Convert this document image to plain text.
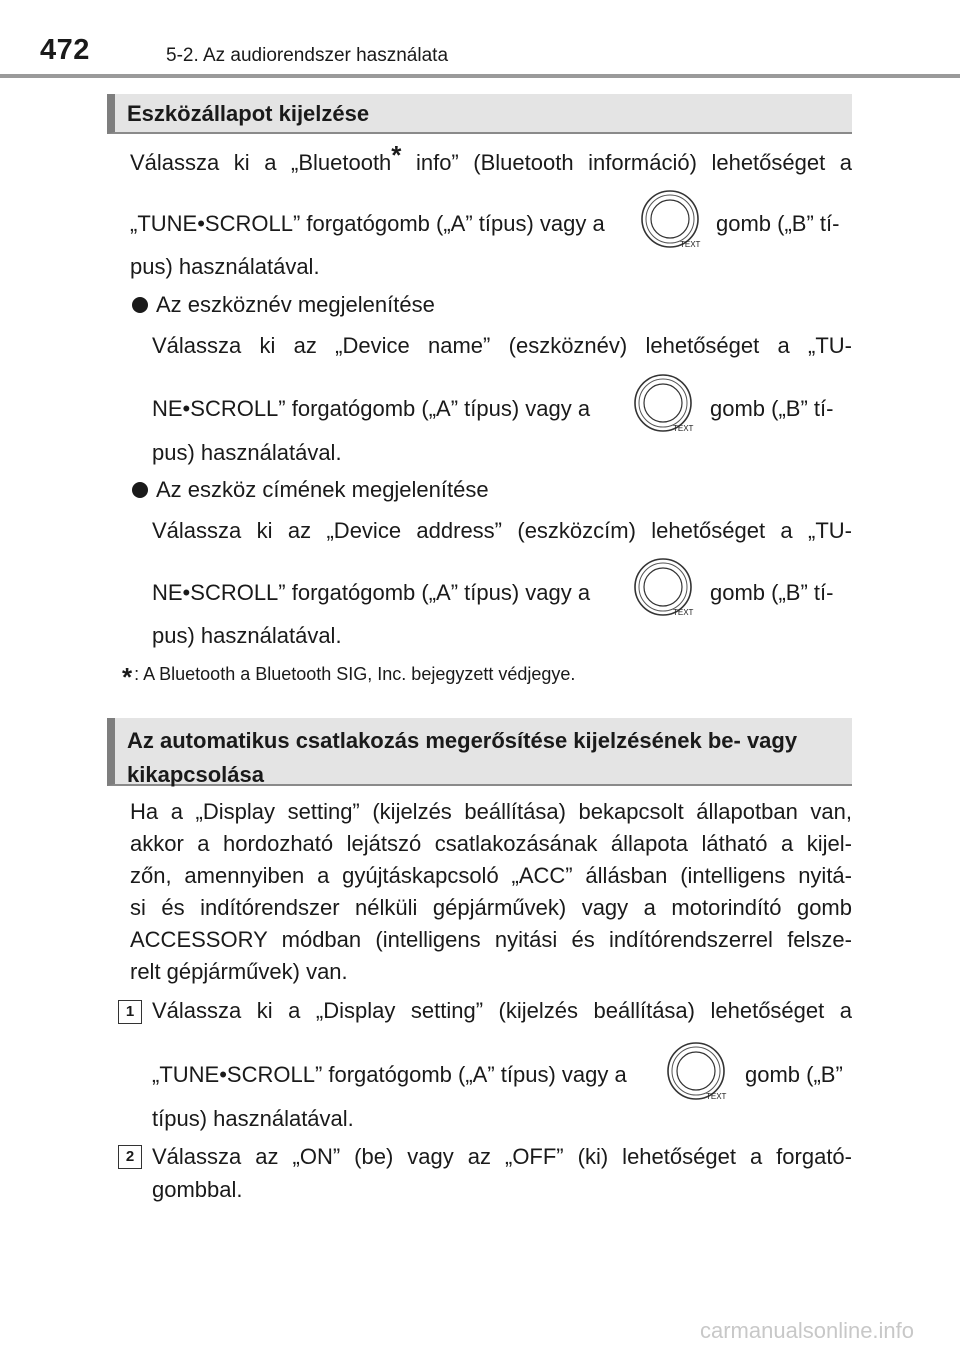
472	5-2. Az audiorendszer használata
Eszközállapot kijelzése
Válassza ki a „Bluetooth* info” (Bluetooth információ) lehetőséget a
„TUNE•SCROLL” forgatógomb („A” típus) vagy a
TEXT
gomb („B” tí-
pus) használatával.
Az eszköznév megjelenítése
Válassza ki az „Device name” (eszköznév) lehetőséget a „TU-
NE•SCROLL” forgatógomb („A” típus) vagy a
TEXT
gomb („B” tí-
pus) használatával.
Az eszköz címének megjelenítése
Válassza ki az „Device address” (eszközcím) lehetőséget a „TU-
NE•SCROLL” forgatógomb („A” típus) vagy a
TEXT
gomb („B” tí-
pus) használatával.
* : A Bluetooth a Bluetooth SIG, Inc. bejegyzett védjegye.
Az automatikus csatlakozás megerősítése kijelzésének be- vagy
kikapcsolása
Ha a „Display setting” (kijelzés beállítása) bekapcsolt állapotban van,
akkor a hordozható lejátszó csatlakozásának állapota látható a kijel-
zőn, amennyiben a gyújtáskapcsoló „ACC” állásban (intelligens nyitá-
si és indítórendszer nélküli gépjárművek) vagy a motorindító gomb
ACCESSORY módban (intelligens nyitási és indítórendszerrel felsze-
relt gépjárművek) van.
1 Válassza ki a „Display setting” (kijelzés beállítása) lehetőséget a
„TUNE•SCROLL” forgatógomb („A” típus) vagy a
TEXT
gomb („B”
típus) használatával.
2 Válassza az „ON” (be) vagy az „OFF” (ki) lehetőséget a forgató-
gombbal.
carmanualsonline.info
